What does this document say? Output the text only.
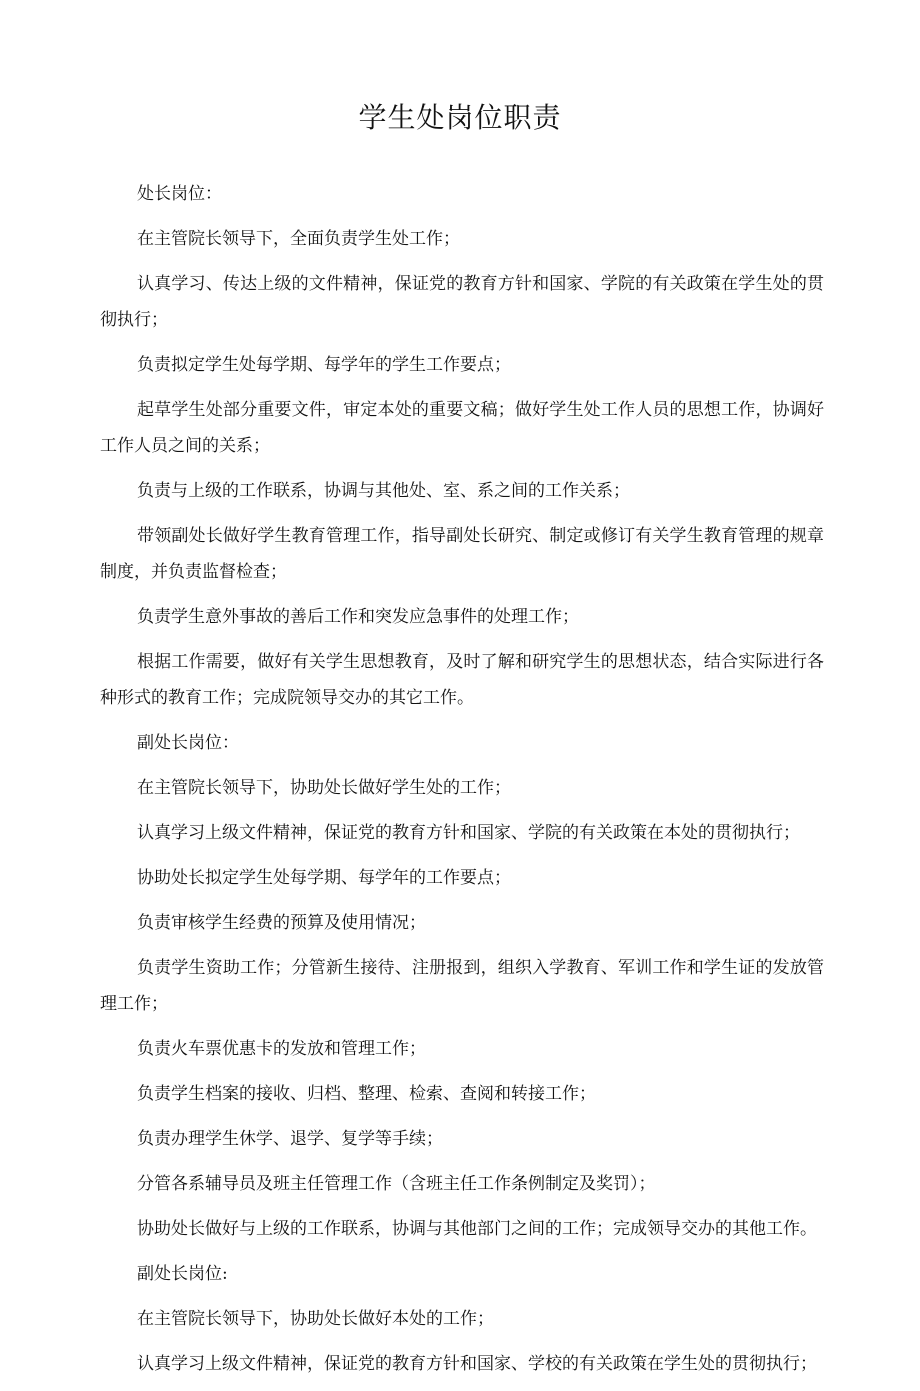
学生处岗位职责

处长岗位：

在主管院长领导下，全面负责学生处工作；

认真学习、传达上级的文件精神，保证党的教育方针和国家、学院的有关政策在学生处的贯彻执行；

负责拟定学生处每学期、每学年的学生工作要点；

起草学生处部分重要文件，审定本处的重要文稿；做好学生处工作人员的思想工作，协调好工作人员之间的关系；

负责与上级的工作联系，协调与其他处、室、系之间的工作关系；

带领副处长做好学生教育管理工作，指导副处长研究、制定或修订有关学生教育管理的规章制度，并负责监督检查；

负责学生意外事故的善后工作和突发应急事件的处理工作；

根据工作需要，做好有关学生思想教育，及时了解和研究学生的思想状态，结合实际进行各种形式的教育工作；完成院领导交办的其它工作。

副处长岗位：

在主管院长领导下，协助处长做好学生处的工作；

认真学习上级文件精神，保证党的教育方针和国家、学院的有关政策在本处的贯彻执行；

协助处长拟定学生处每学期、每学年的工作要点；

负责审核学生经费的预算及使用情况；

负责学生资助工作；分管新生接待、注册报到，组织入学教育、军训工作和学生证的发放管理工作；

负责火车票优惠卡的发放和管理工作；

负责学生档案的接收、归档、整理、检索、查阅和转接工作；

负责办理学生休学、退学、复学等手续；

分管各系辅导员及班主任管理工作（含班主任工作条例制定及奖罚）；

协助处长做好与上级的工作联系，协调与其他部门之间的工作；完成领导交办的其他工作。

副处长岗位:

在主管院长领导下，协助处长做好本处的工作；

认真学习上级文件精神，保证党的教育方针和国家、学校的有关政策在学生处的贯彻执行；
